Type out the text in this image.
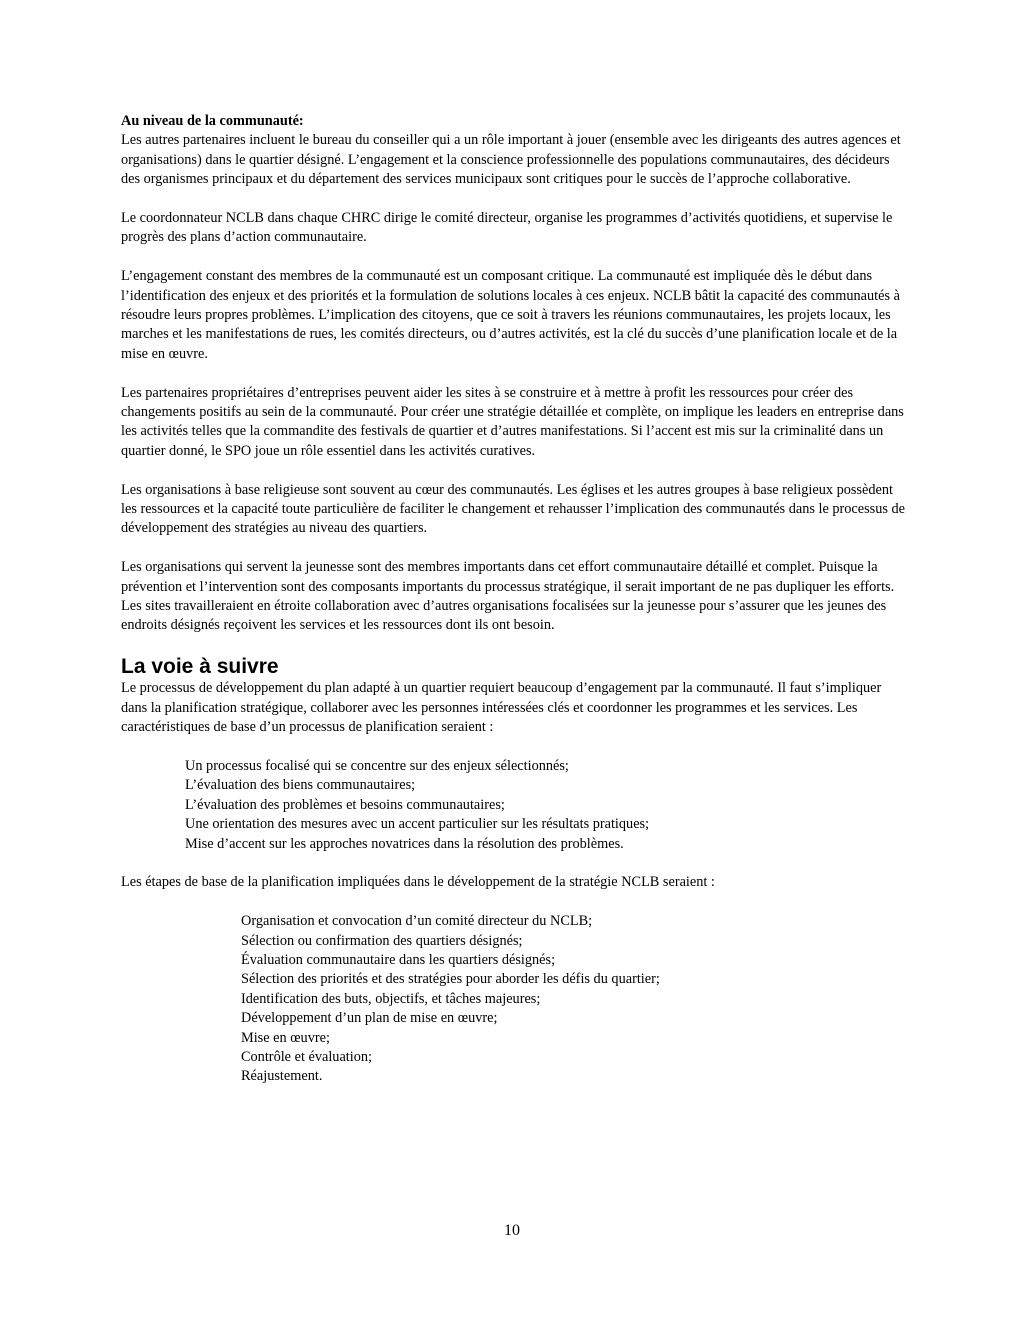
Au niveau de la communauté:
Les autres partenaires incluent le bureau du conseiller qui a un rôle important à jouer (ensemble avec les dirigeants des autres agences et organisations) dans le quartier désigné. L’engagement et la conscience professionnelle des populations communautaires, des décideurs des organismes principaux et du département des services municipaux sont critiques pour le succès de l’approche collaborative.

Le coordonnateur NCLB dans chaque CHRC dirige le comité directeur, organise les programmes d’activités quotidiens, et supervise le progrès des plans d’action communautaire.

L’engagement constant des membres de la communauté est un composant critique. La communauté est impliquée dès le début dans l’identification des enjeux et des priorités et la formulation de solutions locales à ces enjeux. NCLB bâtit la capacité des communautés à résoudre leurs propres problèmes. L’implication des citoyens, que ce soit à travers les réunions communautaires, les projets locaux, les marches et les manifestations de rues, les comités directeurs, ou d’autres activités, est la clé du succès d’une planification locale et de la mise en œuvre.

Les partenaires propriétaires d’entreprises peuvent aider les sites à se construire et à mettre à profit les ressources pour créer des changements positifs au sein de la communauté. Pour créer une stratégie détaillée et complète, on implique les leaders en entreprise dans les activités telles que la commandite des festivals de quartier et d’autres manifestations. Si l’accent est mis sur la criminalité dans un quartier donné, le SPO joue un rôle essentiel dans les activités curatives.

Les organisations à base religieuse sont souvent au cœur des communautés. Les églises et les autres groupes à base religieux possèdent les ressources et la capacité toute particulière de faciliter le changement et rehausser l’implication des communautés dans le processus de développement des stratégies au niveau des quartiers.

Les organisations qui servent la jeunesse sont des membres importants dans cet effort communautaire détaillé et complet. Puisque la prévention et l’intervention sont des composants importants du processus stratégique, il serait important de ne pas dupliquer les efforts. Les sites travailleraient en étroite collaboration avec d’autres organisations focalisées sur la jeunesse pour s’assurer que les jeunes des endroits désignés reçoivent les services et les ressources dont ils ont besoin.

La voie à suivre

Le processus de développement du plan adapté à un quartier requiert beaucoup d’engagement par la communauté. Il faut s’impliquer dans la planification stratégique, collaborer avec les personnes intéressées clés et coordonner les programmes et les services. Les caractéristiques de base d’un processus de planification seraient :

Un processus focalisé qui se concentre sur des enjeux sélectionnés;
L’évaluation des biens communautaires;
L’évaluation des problèmes et besoins communautaires;
Une orientation des mesures avec un accent particulier sur les résultats pratiques;
Mise d’accent sur les approches novatrices dans la résolution des problèmes.

Les étapes de base de la planification impliquées dans le développement de la stratégie NCLB seraient :

Organisation et convocation d’un comité directeur du NCLB;
Sélection ou confirmation des quartiers désignés;
Évaluation communautaire dans les quartiers désignés;
Sélection des priorités et des stratégies pour aborder les défis du quartier;
Identification des buts, objectifs, et tâches majeures;
Développement d’un plan de mise en œuvre;
Mise en œuvre;
Contrôle et évaluation;
Réajustement.
10
